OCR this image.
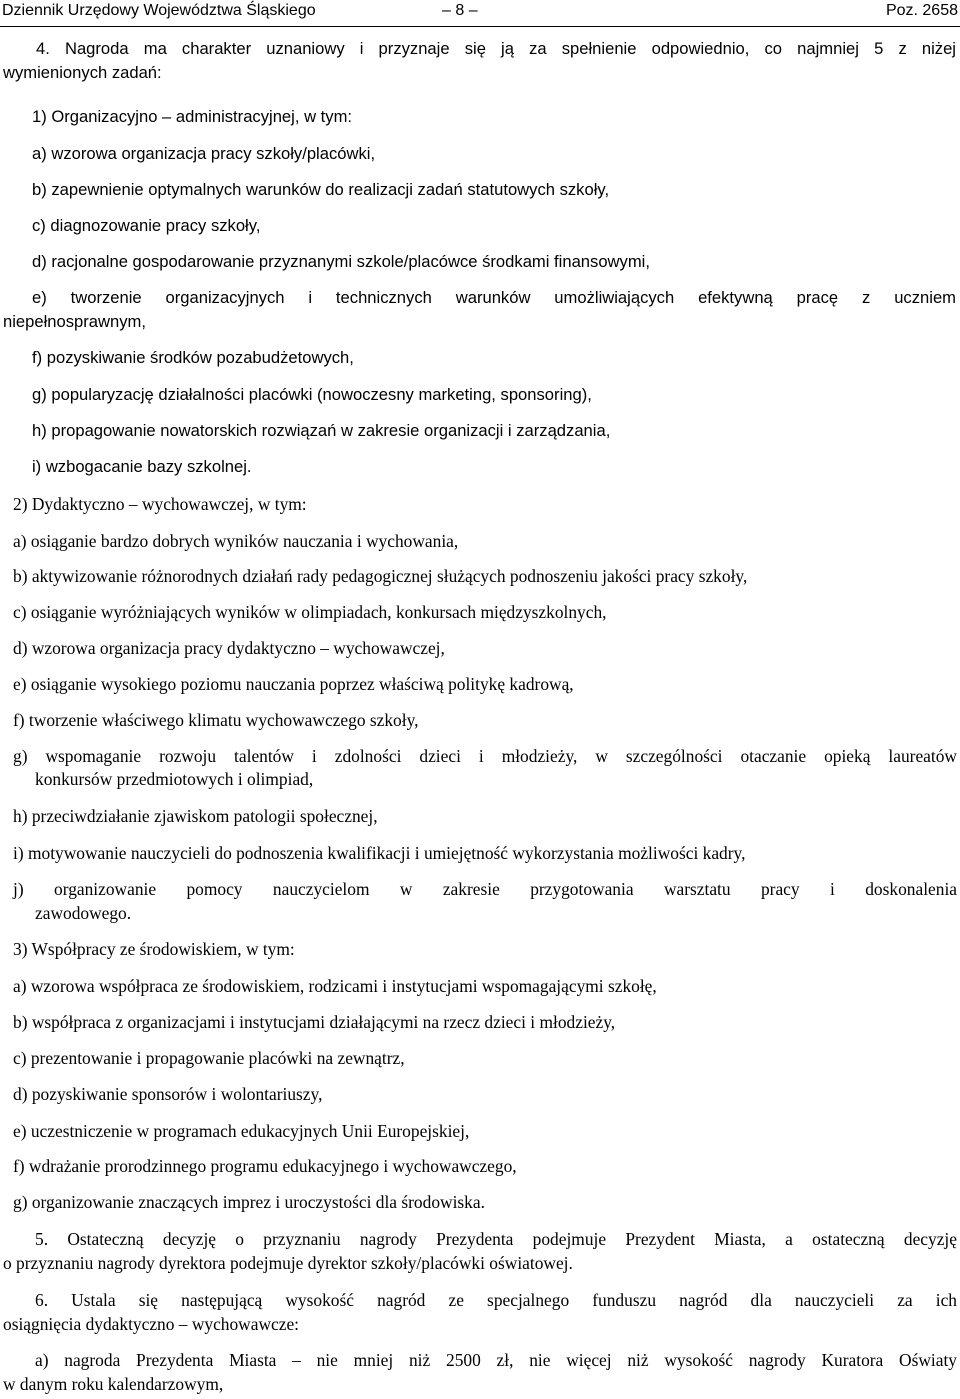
Dziennik Urzędowy Województwa Śląskiego	– 8 –	Poz. 2658
4. Nagroda ma charakter uznaniowy i przyznaje się ją za spełnienie odpowiednio, co najmniej 5 z niżej
wymienionych zadań:
1) Organizacyjno – administracyjnej, w tym:
a) wzorowa organizacja pracy szkoły/placówki,
b) zapewnienie optymalnych warunków do realizacji zadań statutowych szkoły,
c) diagnozowanie pracy szkoły,
d) racjonalne gospodarowanie przyznanymi szkole/placówce środkami finansowymi,
e) tworzenie organizacyjnych i technicznych warunków umożliwiających efektywną pracę z uczniem
niepełnosprawnym,
f) pozyskiwanie środków pozabudżetowych,
g) popularyzację działalności placówki (nowoczesny marketing, sponsoring),
h) propagowanie nowatorskich rozwiązań w zakresie organizacji i zarządzania,
i) wzbogacanie bazy szkolnej.
2) Dydaktyczno – wychowawczej, w tym:
a) osiąganie bardzo dobrych wyników nauczania i wychowania,
b) aktywizowanie różnorodnych działań rady pedagogicznej służących podnoszeniu jakości pracy szkoły,
c) osiąganie wyróżniających wyników w olimpiadach, konkursach międzyszkolnych,
d) wzorowa organizacja pracy dydaktyczno – wychowawczej,
e) osiąganie wysokiego poziomu nauczania poprzez właściwą politykę kadrową,
f) tworzenie właściwego klimatu wychowawczego szkoły,
g) wspomaganie rozwoju talentów i zdolności dzieci i młodzieży, w szczególności otaczanie opieką laureatów
konkursów przedmiotowych i olimpiad,
h) przeciwdziałanie zjawiskom patologii społecznej,
i) motywowanie nauczycieli do podnoszenia kwalifikacji i umiejętność wykorzystania możliwości kadry,
j) organizowanie pomocy nauczycielom w zakresie przygotowania warsztatu pracy i doskonalenia
zawodowego.
3) Współpracy ze środowiskiem, w tym:
a) wzorowa współpraca ze środowiskiem, rodzicami i instytucjami wspomagającymi szkołę,
b) współpraca z organizacjami i instytucjami działającymi na rzecz dzieci i młodzieży,
c) prezentowanie i propagowanie placówki na zewnątrz,
d) pozyskiwanie sponsorów i wolontariuszy,
e) uczestniczenie w programach edukacyjnych Unii Europejskiej,
f) wdrażanie prorodzinnego programu edukacyjnego i wychowawczego,
g) organizowanie znaczących imprez i uroczystości dla środowiska.
5. Ostateczną decyzję o przyznaniu nagrody Prezydenta podejmuje Prezydent Miasta, a ostateczną decyzję
o przyznaniu nagrody dyrektora podejmuje dyrektor szkoły/placówki oświatowej.
6. Ustala się następującą wysokość nagród ze specjalnego funduszu nagród dla nauczycieli za ich
osiągnięcia dydaktyczno – wychowawcze:
a) nagroda Prezydenta Miasta – nie mniej niż 2500 zł, nie więcej niż wysokość nagrody Kuratora Oświaty
w danym roku kalendarzowym,
